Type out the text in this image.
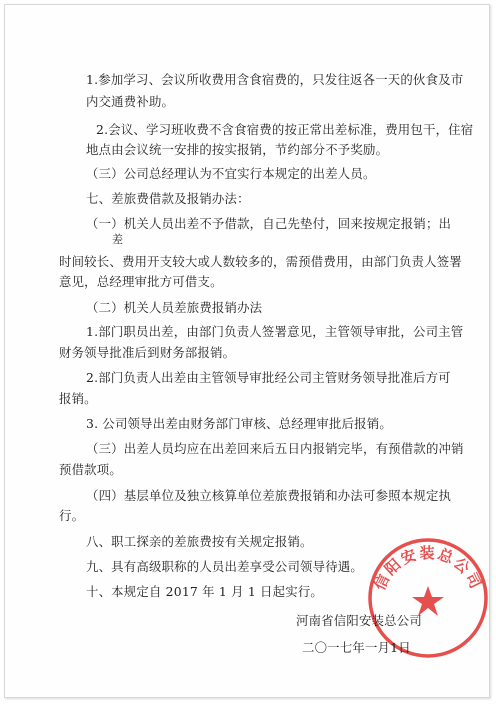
1.参加学习、会议所收费用含食宿费的，只发往返各一天的伙食及市
内交通费补助。
2.会议、学习班收费不含食宿费的按正常出差标准，费用包干，住宿
地点由会议统一安排的按实报销，节约部分不予奖励。
（三）公司总经理认为不宜实行本规定的出差人员。
七、差旅费借款及报销办法：
（一）机关人员出差不予借款，自己先垫付，回来按规定报销；出
差
时间较长、费用开支较大或人数较多的，需预借费用，由部门负责人签署
意见，总经理审批方可借支。
（二）机关人员差旅费报销办法
1.部门职员出差，由部门负责人签署意见，主管领导审批，公司主管
财务领导批准后到财务部报销。
2.部门负责人出差由主管领导审批经公司主管财务领导批准后方可
报销。
3. 公司领导出差由财务部门审核、总经理审批后报销。
（三）出差人员均应在出差回来后五日内报销完毕，有预借款的冲销
预借款项。
（四）基层单位及独立核算单位差旅费报销和办法可参照本规定执
行。
八、职工探亲的差旅费按有关规定报销。
九、具有高级职称的人员出差享受公司领导待遇。
十、本规定自 2017 年 1 月 1 日起实行。	信阳安装总公司
河南省信阳安装总公司
二〇一七年一月1日
